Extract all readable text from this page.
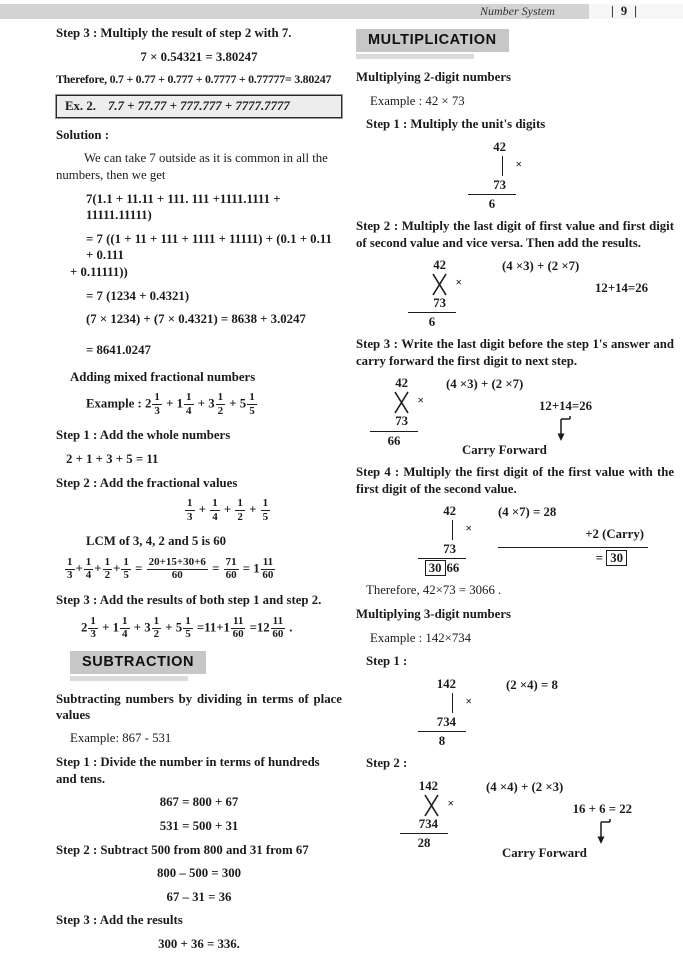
Number System	| 9 |
Step 3 : Multiply the result of step 2 with 7.
7 × 0.54321 = 3.80247
Therefore, 0.7 + 0.77 + 0.777 + 0.7777 + 0.77777= 3.80247
Ex. 2. 7.7 + 77.77 + 777.777 + 7777.7777
Solution :
We can take 7 outside as it is common in all the numbers, then we get
7(1.1 + 11.11 + 111. 111 +1111.1111 + 11111.11111)
= 7 ((1 + 11 + 111 + 1111 + 11111) + (0.1 + 0.11 + 0.111
+ 0.11111))
= 7 (1234 + 0.4321)
(7 × 1234) + (7 × 0.4321) = 8638 + 3.0247
= 8641.0247
Adding mixed fractional numbers
Example : $2 \frac{1}{3} + 1 \frac{1}{4} + 3 \frac{1}{2} + 5 \frac{1}{5}$
Step 1 : Add the whole numbers
2 + 1 + 3 + 5 = 11
Step 2 : Add the fractional values
$\frac{1}{3} + \frac{1}{4} + \frac{1}{2} + \frac{1}{5}$
LCM of 3, 4, 2 and 5 is 60
$\frac{1}{3} + \frac{1}{4} + \frac{1}{2} + \frac{1}{5} = \frac{20+15+30+6}{60} = \frac{71}{60} = 1 \frac{11}{60}$
Step 3 : Add the results of both step 1 and step 2.
$2 \frac{1}{3} + 1 \frac{1}{4} + 3 \frac{1}{2} + 5 \frac{1}{5} =11+1 \frac{11}{60} =12 \frac{11}{60}$ .
SUBTRACTION
Subtracting numbers by dividing in terms of place values
Example: 867 - 531
Step 1 : Divide the number in terms of hundreds and tens.
867 = 800 + 67
531 = 500 + 31
Step 2 : Subtract 500 from 800 and 31 from 67
800 – 500 = 300
67 – 31 = 36
Step 3 : Add the results
300 + 36 = 336.
MULTIPLICATION
Multiplying 2-digit numbers
Example : 42 × 73
Step 1 : Multiply the unit's digits
42
×
73
6
Step 2 : Multiply the last digit of first value and first digit of second value and vice versa. Then add the results.
42
×
73
6
(4 ×3) + (2 ×7)
12+14=26
Step 3 : Write the last digit before the step 1's answer and carry forward the first digit to next step.
42
×
73
66
(4 ×3) + (2 ×7)
12+14=26
Carry Forward
Step 4 : Multiply the first digit of the first value with the first digit of the second value.
42
×
73
30 66
(4 ×7) = 28
+2 (Carry)
= 30
Therefore, 42×73 = 3066 .
Multiplying 3-digit numbers
Example : 142×734
Step 1 :
142
×
734
8
(2 ×4) = 8
Step 2 :
142
×
734
28
(4 ×4) + (2 ×3)
16 + 6 = 22
Carry Forward
